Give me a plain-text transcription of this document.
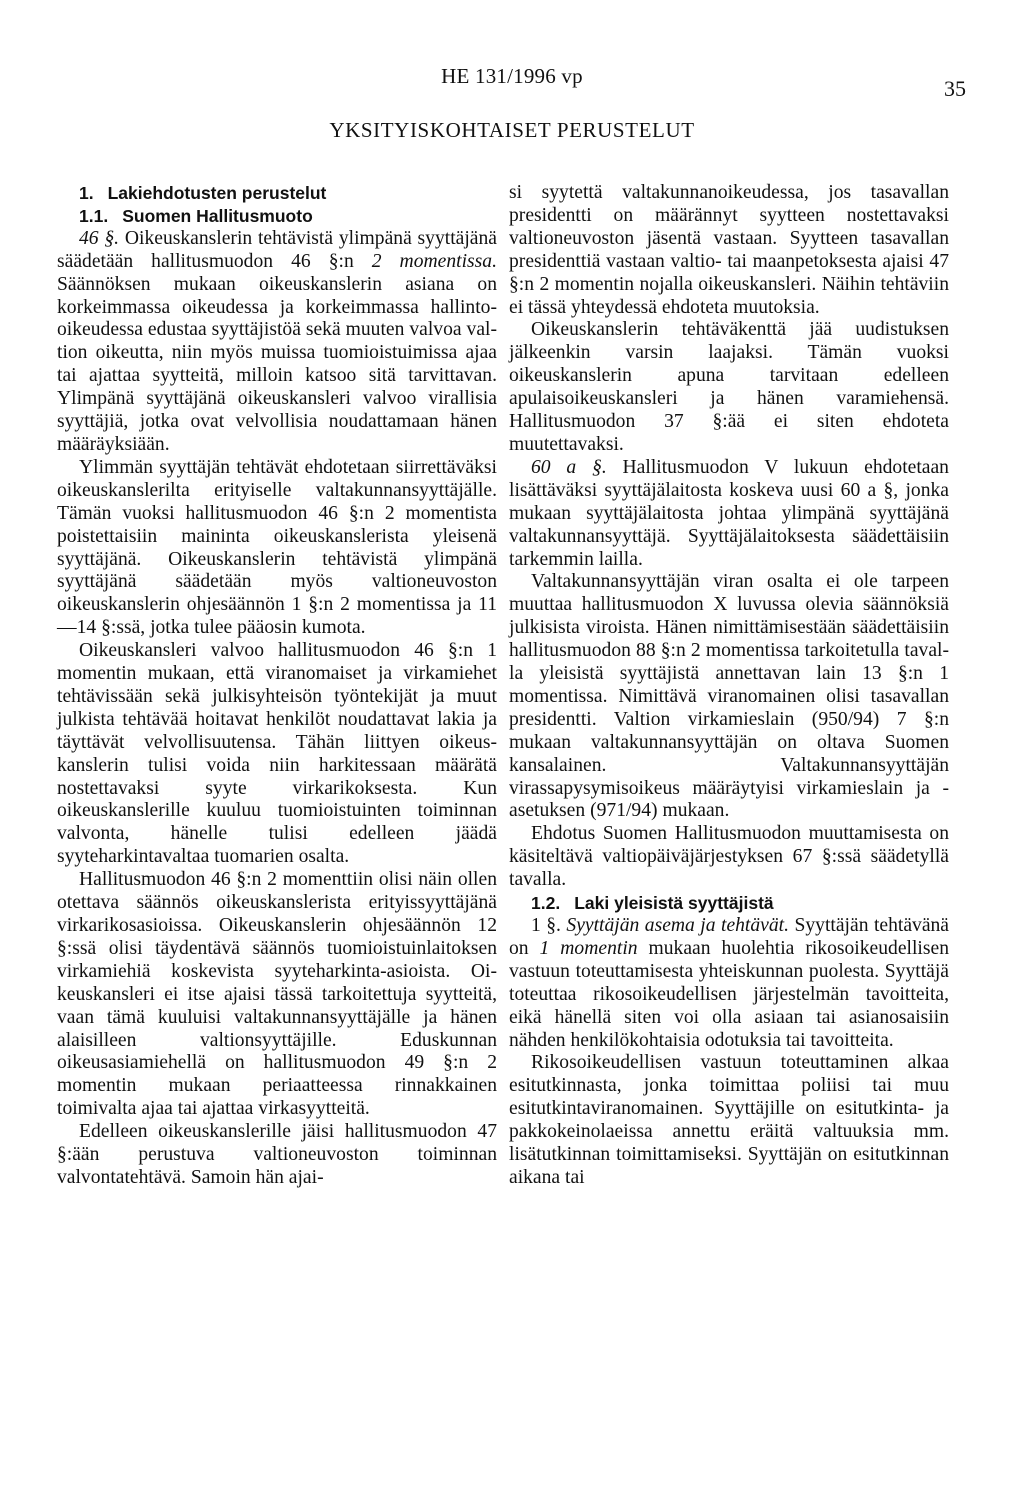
HE 131/1996 vp	35
YKSITYISKOHTAISET PERUSTELUT

1. Lakiehdotusten perustelut

1.1. Suomen Hallitusmuoto

46 §. Oikeuskanslerin tehtävistä ylimpänä syyttäjänä säädetään hallitusmuodon 46 §:n 2 momentissa. Säännöksen mukaan oikeuskanslerin asiana on korkeimmassa oikeudessa ja korkeimmassa hallinto-oikeudessa edustaa syyttäjistöä sekä muuten valvoa valtion oikeutta, niin myös muissa tuomioistuimissa ajaa tai ajattaa syytteitä, milloin katsoo sitä tarvittavan. Ylimpänä syyttäjänä oikeuskansleri valvoo virallisia syyttäjiä, jotka ovat velvollisia noudattamaan hänen määräyksiään.

Ylimmän syyttäjän tehtävät ehdotetaan siirrettäväksi oikeuskanslerilta erityiselle valtakunnansyyttäjälle. Tämän vuoksi hallitusmuodon 46 §:n 2 momentista poistettaisiin maininta oikeuskanslerista yleisenä syyttäjänä. Oikeuskanslerin tehtävistä ylimpänä syyttäjänä säädetään myös valtioneuvoston oikeuskanslerin ohjesäännön 1 §:n 2 momentissa ja 11—14 §:ssä, jotka tulee pääosin kumota.

Oikeuskansleri valvoo hallitusmuodon 46 §:n 1 momentin mukaan, että viranomaiset ja virkamiehet tehtävissään sekä julkisyhteisön työntekijät ja muut julkista tehtävää hoitavat henkilöt noudattavat lakia ja täyttävät velvollisuutensa. Tähän liittyen oikeuskanslerin tulisi voida niin harkitessaan määrätä nostettavaksi syyte virkarikoksesta. Kun oikeuskanslerille kuuluu tuomioistuinten toiminnan valvonta, hänelle tulisi edelleen jäädä syyteharkintavaltaa tuomarien osalta.

Hallitusmuodon 46 §:n 2 momenttiin olisi näin ollen otettava säännös oikeuskanslerista erityissyyttäjänä virkarikosasioissa. Oikeuskanslerin ohjesäännön 12 §:ssä olisi täydentävä säännös tuomioistuinlaitoksen virkamiehiä koskevista syyteharkinta-asioista. Oikeuskansleri ei itse ajaisi tässä tarkoitettuja syytteitä, vaan tämä kuuluisi valtakunnansyyttäjälle ja hänen alaisilleen valtionsyyttäjille. Eduskunnan oikeusasiamiehellä on hallitusmuodon 49 §:n 2 momentin mukaan periaatteessa rinnakkainen toimivalta ajaa tai ajattaa virkasyytteitä.

Edelleen oikeuskanslerille jäisi hallitusmuodon 47 §:ään perustuva valtioneuvoston toiminnan valvontatehtävä. Samoin hän ajai-

si syytettä valtakunnanoikeudessa, jos tasavallan presidentti on määrännyt syytteen nostettavaksi valtioneuvoston jäsentä vastaan. Syytteen tasavallan presidenttiä vastaan valtio- tai maanpetoksesta ajaisi 47 §:n 2 momentin nojalla oikeuskansleri. Näihin tehtäviin ei tässä yhteydessä ehdoteta muutoksia.

Oikeuskanslerin tehtäväkenttä jää uudistuksen jälkeenkin varsin laajaksi. Tämän vuoksi oikeuskanslerin apuna tarvitaan edelleen apulaisoikeuskansleri ja hänen varamiehensä. Hallitusmuodon 37 §:ää ei siten ehdoteta muutettavaksi.

60 a §. Hallitusmuodon V lukuun ehdotetaan lisättäväksi syyttäjälaitosta koskeva uusi 60 a §, jonka mukaan syyttäjälaitosta johtaa ylimpänä syyttäjänä valtakunnansyyttäjä. Syyttäjälaitoksesta säädettäisiin tarkemmin lailla.

Valtakunnansyyttäjän viran osalta ei ole tarpeen muuttaa hallitusmuodon X luvussa olevia säännöksiä julkisista viroista. Hänen nimittämisestään säädettäisiin hallitusmuodon 88 §:n 2 momentissa tarkoitetulla tavalla yleisistä syyttäjistä annettavan lain 13 §:n 1 momentissa. Nimittävä viranomainen olisi tasavallan presidentti. Valtion virkamieslain (950/94) 7 §:n mukaan valtakunnansyyttäjän on oltava Suomen kansalainen. Valtakunnansyyttäjän virassapysymisoikeus määräytyisi virkamieslain ja -asetuksen (971/94) mukaan.

Ehdotus Suomen Hallitusmuodon muuttamisesta on käsiteltävä valtiopäiväjärjestyksen 67 §:ssä säädetyllä tavalla.

1.2. Laki yleisistä syyttäjistä

1 §. Syyttäjän asema ja tehtävät. Syyttäjän tehtävänä on 1 momentin mukaan huolehtia rikosoikeudellisen vastuun toteuttamisesta yhteiskunnan puolesta. Syyttäjä toteuttaa rikosoikeudellisen järjestelmän tavoitteita, eikä hänellä siten voi olla asiaan tai asianosaisiin nähden henkilökohtaisia odotuksia tai tavoitteita.

Rikosoikeudellisen vastuun toteuttaminen alkaa esitutkinnasta, jonka toimittaa poliisi tai muu esitutkintaviranomainen. Syyttäjille on esitutkinta- ja pakkokeinolaeissa annettu eräitä valtuuksia mm. lisätutkinnan toimittamiseksi. Syyttäjän on esitutkinnan aikana tai
